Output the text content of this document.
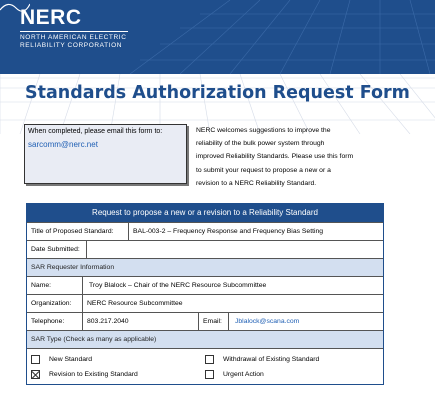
NERC
NORTH AMERICAN ELECTRIC
RELIABILITY CORPORATION
Standards Authorization Request Form
When completed, please email this form to:
sarcomm@nerc.net
NERC welcomes suggestions to improve the
reliability of the bulk power system through
improved Reliability Standards. Please use this form
to submit your request to propose a new or a
revision to a NERC Reliability Standard.
Request to propose a new or a revision to a Reliability Standard
Title of Proposed Standard:	BAL-003-2 – Frequency Response and Frequency Bias Setting
Date Submitted:
SAR Requester Information
Name:	Troy Blalock – Chair of the NERC Resource Subcommittee
Organization:	NERC Resource Subcommittee
Telephone:	803.217.2040	Email:	Jblalock@scana.com
SAR Type (Check as many as applicable)
New Standard	Withdrawal of Existing Standard
Revision to Existing Standard	Urgent Action
